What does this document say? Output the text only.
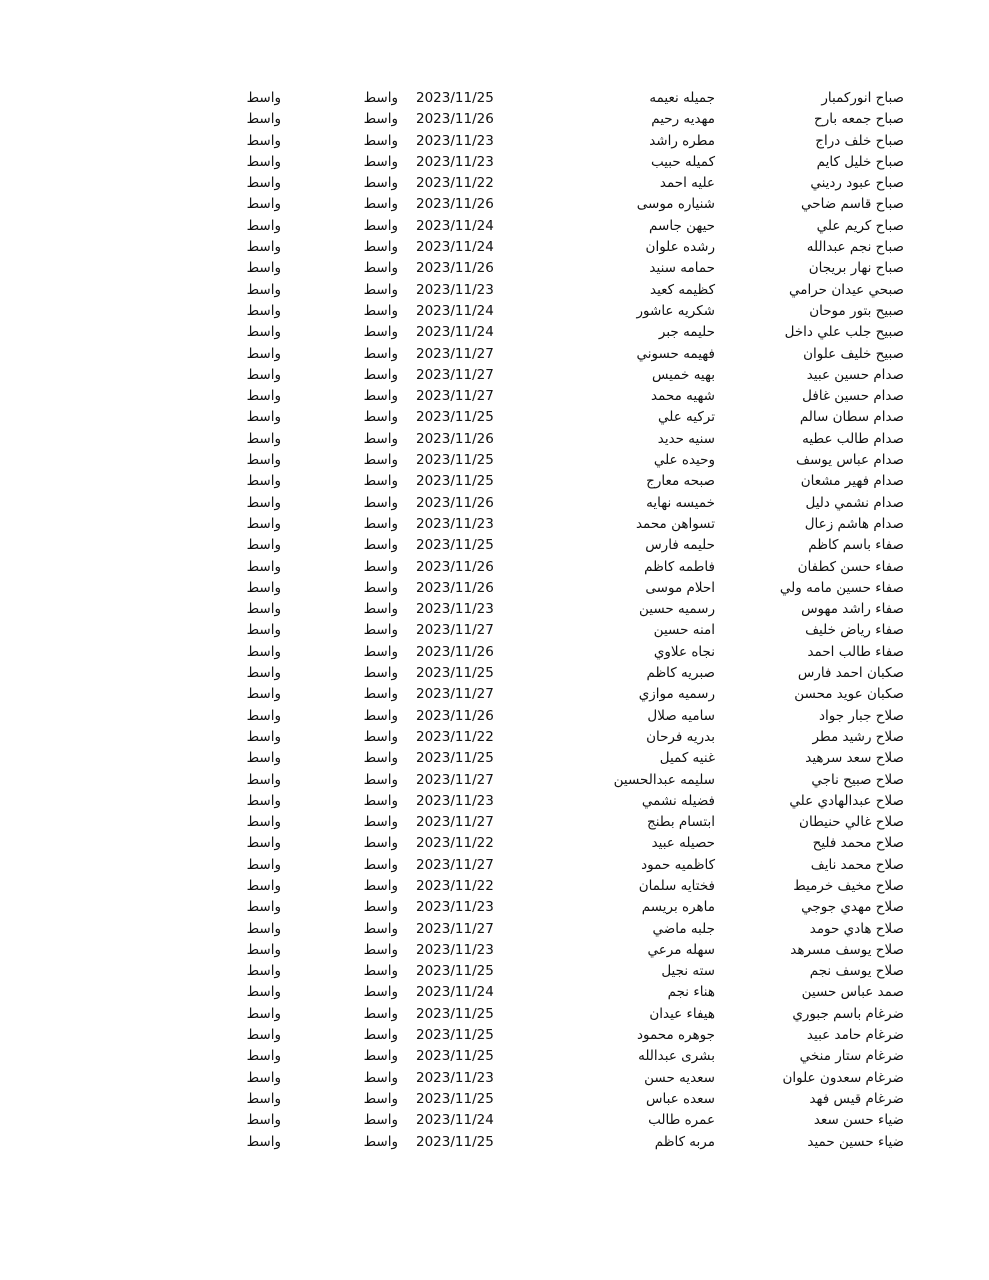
صباح انوركمبار
جميله نعيمه
2023/11/25
واسط
واسط
صباح جمعه بارح
مهديه رحيم
2023/11/26
واسط
واسط
صباح خلف دراج
مطره راشد
2023/11/23
واسط
واسط
صباح خليل كايم
كميله حبيب
2023/11/23
واسط
واسط
صباح عبود رديني
عليه احمد
2023/11/22
واسط
واسط
صباح قاسم ضاحي
شنياره موسى
2023/11/26
واسط
واسط
صباح كريم علي
حيهن جاسم
2023/11/24
واسط
واسط
صباح نجم عبدالله
رشده علوان
2023/11/24
واسط
واسط
صباح نهار بريجان
حمامه سنيد
2023/11/26
واسط
واسط
صبحي عيدان حرامي
كظيمه كعيد
2023/11/23
واسط
واسط
صبيح بتور موحان
شكريه عاشور
2023/11/24
واسط
واسط
صبيح جلب علي داخل
حليمه جبر
2023/11/24
واسط
واسط
صبيح خليف علوان
فهيمه حسوني
2023/11/27
واسط
واسط
صدام حسين عبيد
بهيه خميس
2023/11/27
واسط
واسط
صدام حسين غافل
شهيه محمد
2023/11/27
واسط
واسط
صدام سطان سالم
تركيه علي
2023/11/25
واسط
واسط
صدام طالب عطيه
سنيه حديد
2023/11/26
واسط
واسط
صدام عباس يوسف
وحيده علي
2023/11/25
واسط
واسط
صدام فهير مشعان
صبحه معارج
2023/11/25
واسط
واسط
صدام نشمي دليل
خميسه نهايه
2023/11/26
واسط
واسط
صدام هاشم زعال
تسواهن محمد
2023/11/23
واسط
واسط
صفاء باسم كاظم
حليمه فارس
2023/11/25
واسط
واسط
صفاء حسن كطفان
فاطمه كاظم
2023/11/26
واسط
واسط
صفاء حسين مامه ولي
احلام موسى
2023/11/26
واسط
واسط
صفاء راشد مهوس
رسميه حسين
2023/11/23
واسط
واسط
صفاء رياض خليف
امنه حسين
2023/11/27
واسط
واسط
صفاء طالب احمد
نجاه علاوي
2023/11/26
واسط
واسط
صكبان احمد فارس
صبريه كاظم
2023/11/25
واسط
واسط
صكبان عويد محسن
رسميه موازي
2023/11/27
واسط
واسط
صلاح جبار جواد
ساميه صلال
2023/11/26
واسط
واسط
صلاح رشيد مطر
بدريه فرحان
2023/11/22
واسط
واسط
صلاح سعد سرهيد
غنيه كميل
2023/11/25
واسط
واسط
صلاح صبيح ناجي
سليمه عبدالحسين
2023/11/27
واسط
واسط
صلاح عبدالهادي علي
فضيله نشمي
2023/11/23
واسط
واسط
صلاح غالي حنيطان
ابتسام بطنج
2023/11/27
واسط
واسط
صلاح محمد فليح
حصيله عبيد
2023/11/22
واسط
واسط
صلاح محمد نايف
كاظميه حمود
2023/11/27
واسط
واسط
صلاح مخيف خرميط
فختايه سلمان
2023/11/22
واسط
واسط
صلاح مهدي جوجي
ماهره بريسم
2023/11/23
واسط
واسط
صلاح هادي حومد
جلبه ماضي
2023/11/27
واسط
واسط
صلاح يوسف مسرهد
سهله مرعي
2023/11/23
واسط
واسط
صلاح يوسف نجم
سته نجيل
2023/11/25
واسط
واسط
صمد عباس حسين
هناء نجم
2023/11/24
واسط
واسط
ضرغام باسم جبوري
هيفاء عيدان
2023/11/25
واسط
واسط
ضرغام حامد عبيد
جوهره محمود
2023/11/25
واسط
واسط
ضرغام ستار منخي
بشرى عبدالله
2023/11/25
واسط
واسط
ضرغام سعدون علوان
سعديه حسن
2023/11/23
واسط
واسط
ضرغام قيس فهد
سعده عباس
2023/11/25
واسط
واسط
ضياء حسن سعد
عمره طالب
2023/11/24
واسط
واسط
ضياء حسين حميد
مربه كاظم
2023/11/25
واسط
واسط
